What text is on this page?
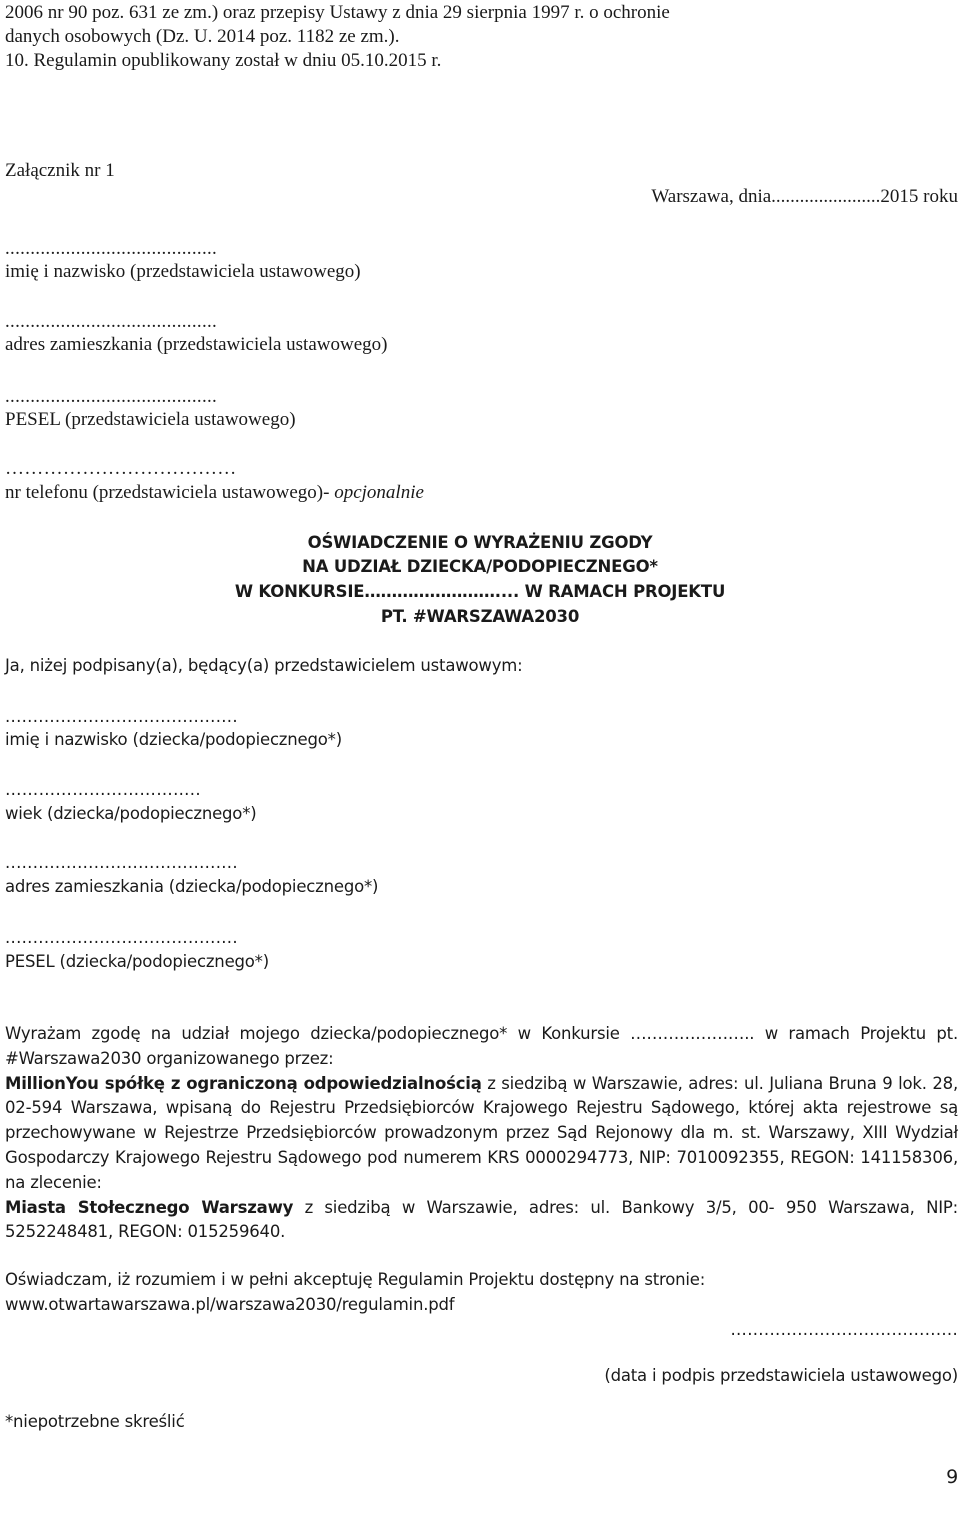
2006 nr 90 poz. 631 ze zm.) oraz przepisy Ustawy z dnia 29 sierpnia 1997 r. o ochronie
danych osobowych (Dz. U. 2014 poz. 1182 ze zm.).
10. Regulamin opublikowany został w dniu 05.10.2015 r.
Załącznik nr 1
Warszawa, dnia.......................2015 roku
..........................................
imię i nazwisko (przedstawiciela ustawowego)
..........................................
adres zamieszkania (przedstawiciela ustawowego)
..........................................
PESEL (przedstawiciela ustawowego)
………………………………
nr telefonu (przedstawiciela ustawowego)- opcjonalnie
OŚWIADCZENIE O WYRAŻENIU ZGODY
NA UDZIAŁ DZIECKA/PODOPIECZNEGO*
W KONKURSIE…………………….... W RAMACH PROJEKTU
PT. #WARSZAWA2030
Ja, niżej podpisany(a), będący(a) przedstawicielem ustawowym:
..........................................
imię i nazwisko (dziecka/podopiecznego*)
……………………………..
wiek (dziecka/podopiecznego*)
..........................................
adres zamieszkania (dziecka/podopiecznego*)
..........................................
PESEL (dziecka/podopiecznego*)
Wyrażam zgodę na udział mojego dziecka/podopiecznego* w Konkursie ………………….. w ramach Projektu pt. #Warszawa2030 organizowanego przez:
MillionYou spółkę z ograniczoną odpowiedzialnością z siedzibą w Warszawie, adres: ul. Juliana Bruna 9 lok. 28, 02-594 Warszawa, wpisaną do Rejestru Przedsiębiorców Krajowego Rejestru Sądowego, której akta rejestrowe są przechowywane w Rejestrze Przedsiębiorców prowadzonym przez Sąd Rejonowy dla m. st. Warszawy, XIII Wydział Gospodarczy Krajowego Rejestru Sądowego pod numerem KRS 0000294773, NIP: 7010092355, REGON: 141158306, na zlecenie:
Miasta Stołecznego Warszawy z siedzibą w Warszawie, adres: ul. Bankowy 3/5, 00- 950 Warszawa, NIP: 5252248481, REGON: 015259640.
Oświadczam, iż rozumiem i w pełni akceptuję Regulamin Projektu dostępny na stronie:
www.otwartawarszawa.pl/warszawa2030/regulamin.pdf
……...................................
(data i podpis przedstawiciela ustawowego)
*niepotrzebne skreślić
9
